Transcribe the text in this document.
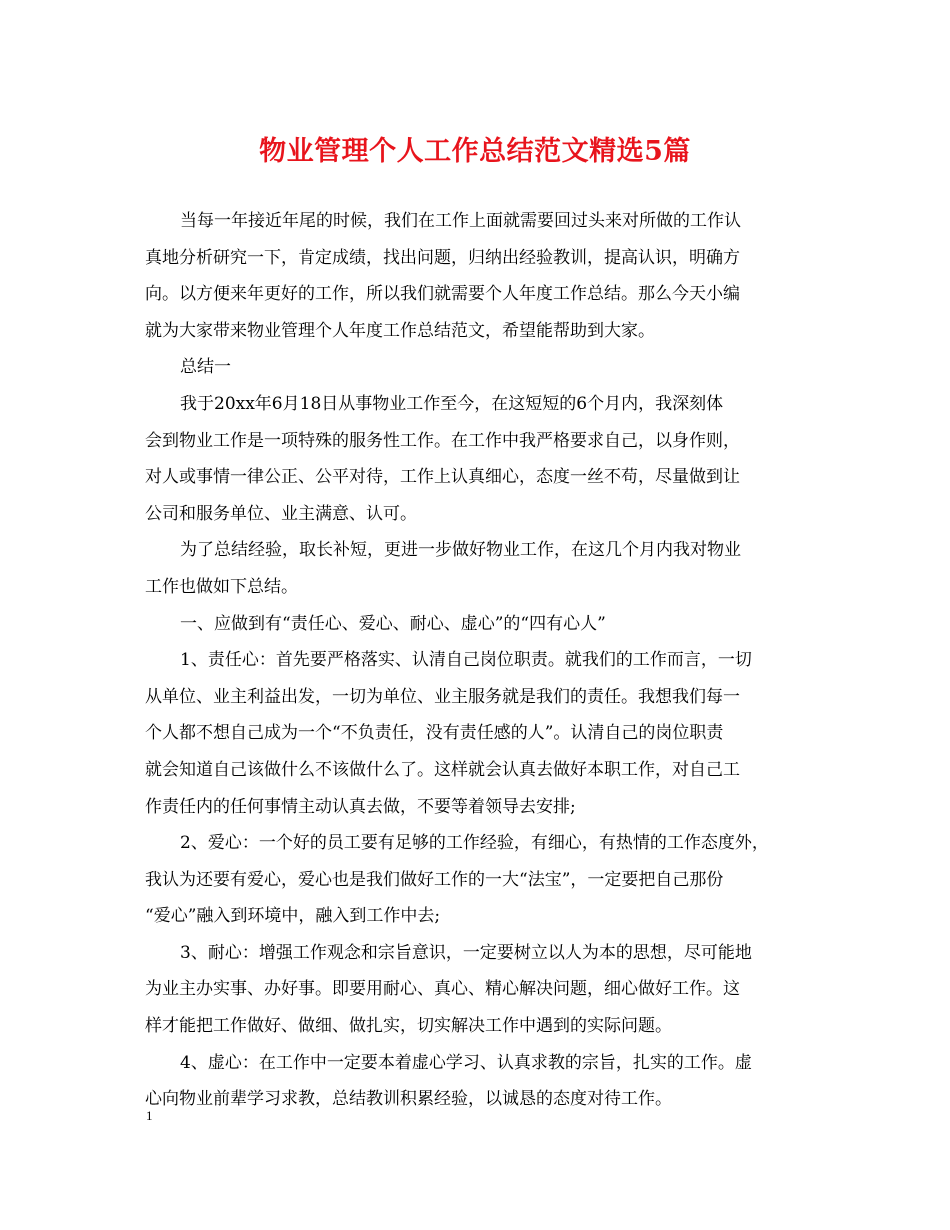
物业管理个人工作总结范文精选5篇
当每一年接近年尾的时候，我们在工作上面就需要回过头来对所做的工作认
真地分析研究一下，肯定成绩，找出问题，归纳出经验教训，提高认识，明确方
向。以方便来年更好的工作，所以我们就需要个人年度工作总结。那么今天小编
就为大家带来物业管理个人年度工作总结范文，希望能帮助到大家。
总结一
我于20xx年6月18日从事物业工作至今，在这短短的6个月内，我深刻体
会到物业工作是一项特殊的服务性工作。在工作中我严格要求自己，以身作则，
对人或事情一律公正、公平对待，工作上认真细心，态度一丝不苟，尽量做到让
公司和服务单位、业主满意、认可。
为了总结经验，取长补短，更进一步做好物业工作，在这几个月内我对物业
工作也做如下总结。
一、应做到有“责任心、爱心、耐心、虚心”的“四有心人”
1、责任心：首先要严格落实、认清自己岗位职责。就我们的工作而言，一切
从单位、业主利益出发，一切为单位、业主服务就是我们的责任。我想我们每一
个人都不想自己成为一个“不负责任，没有责任感的人”。认清自己的岗位职责
就会知道自己该做什么不该做什么了。这样就会认真去做好本职工作，对自己工
作责任内的任何事情主动认真去做，不要等着领导去安排;
2、爱心：一个好的员工要有足够的工作经验，有细心，有热情的工作态度外，
我认为还要有爱心，爱心也是我们做好工作的一大“法宝”，一定要把自己那份
“爱心”融入到环境中，融入到工作中去;
3、耐心：增强工作观念和宗旨意识，一定要树立以人为本的思想，尽可能地
为业主办实事、办好事。即要用耐心、真心、精心解决问题，细心做好工作。这
样才能把工作做好、做细、做扎实，切实解决工作中遇到的实际问题。
4、虚心：在工作中一定要本着虚心学习、认真求教的宗旨，扎实的工作。虚
心向物业前辈学习求教，总结教训积累经验，以诚恳的态度对待工作。
1
